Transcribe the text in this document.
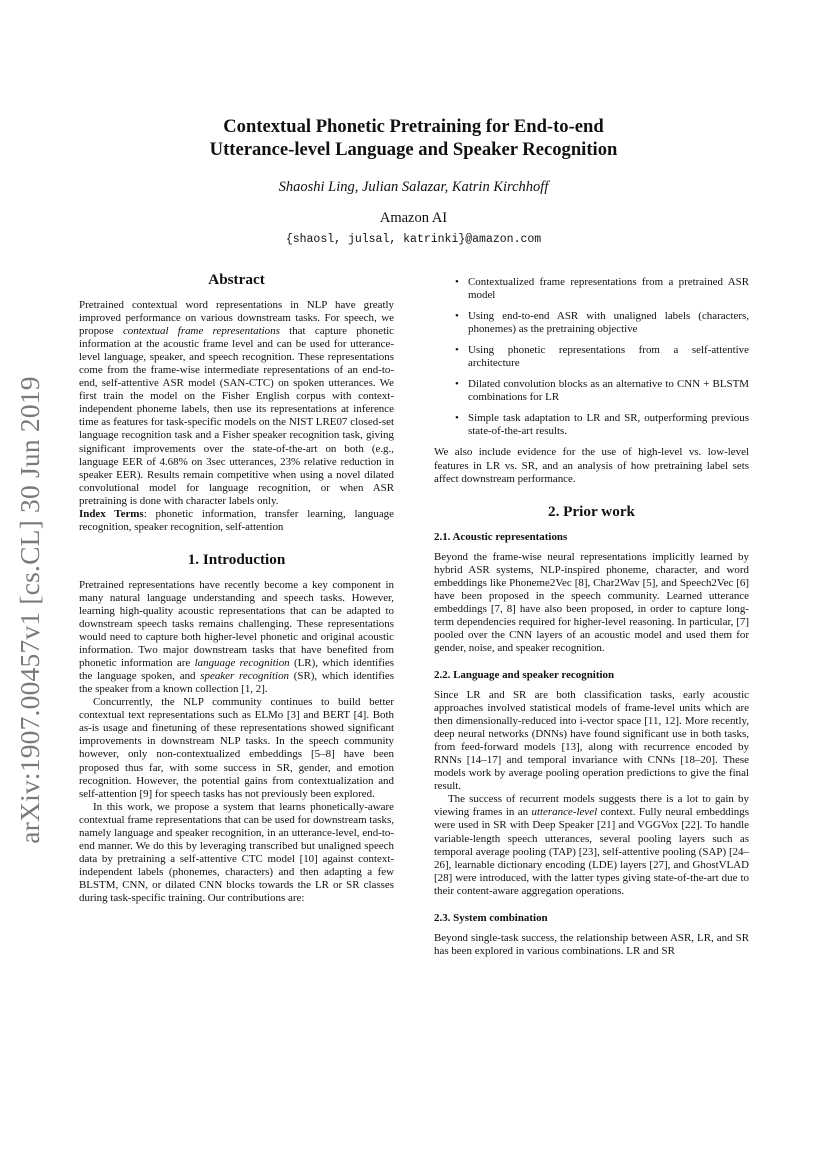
arXiv:1907.00457v1 [cs.CL] 30 Jun 2019
Contextual Phonetic Pretraining for End-to-end
Utterance-level Language and Speaker Recognition
Shaoshi Ling, Julian Salazar, Katrin Kirchhoff
Amazon AI
{shaosl, julsal, katrinki}@amazon.com
Abstract

Pretrained contextual word representations in NLP have greatly improved performance on various downstream tasks. For speech, we propose contextual frame representations that capture phonetic information at the acoustic frame level and can be used for utterance-level language, speaker, and speech recognition. These representations come from the frame-wise intermediate representations of an end-to-end, self-attentive ASR model (SAN-CTC) on spoken utterances. We first train the model on the Fisher English corpus with context-independent phoneme labels, then use its representations at inference time as features for task-specific models on the NIST LRE07 closed-set language recognition task and a Fisher speaker recognition task, giving significant improvements over the state-of-the-art on both (e.g., language EER of 4.68% on 3sec utterances, 23% relative reduction in speaker EER). Results remain competitive when using a novel dilated convolutional model for language recognition, or when ASR pretraining is done with character labels only.

Index Terms: phonetic information, transfer learning, language recognition, speaker recognition, self-attention

1. Introduction

Pretrained representations have recently become a key component in many natural language understanding and speech tasks. However, learning high-quality acoustic representations that can be adapted to downstream speech tasks remains challenging. These representations would need to capture both higher-level phonetic and original acoustic information. Two major downstream tasks that have benefited from phonetic information are language recognition (LR), which identifies the language spoken, and speaker recognition (SR), which identifies the speaker from a known collection [1, 2].

Concurrently, the NLP community continues to build better contextual text representations such as ELMo [3] and BERT [4]. Both as-is usage and finetuning of these representations showed significant improvements in downstream NLP tasks. In the speech community however, only non-contextualized embeddings [5–8] have been proposed thus far, with some success in SR, gender, and emotion recognition. However, the potential gains from contextualization and self-attention [9] for speech tasks has not previously been explored.

In this work, we propose a system that learns phonetically-aware contextual frame representations that can be used for downstream tasks, namely language and speaker recognition, in an utterance-level, end-to-end manner. We do this by leveraging transcribed but unaligned speech data by pretraining a self-attentive CTC model [10] against context-independent labels (phonemes, characters) and then adapting a few BLSTM, CNN, or dilated CNN blocks towards the LR or SR classes during task-specific training. Our contributions are:

• Contextualized frame representations from a pretrained ASR model
• Using end-to-end ASR with unaligned labels (characters, phonemes) as the pretraining objective
• Using phonetic representations from a self-attentive architecture
• Dilated convolution blocks as an alternative to CNN + BLSTM combinations for LR
• Simple task adaptation to LR and SR, outperforming previous state-of-the-art results.

We also include evidence for the use of high-level vs. low-level features in LR vs. SR, and an analysis of how pretraining label sets affect downstream performance.

2. Prior work
2.1. Acoustic representations

Beyond the frame-wise neural representations implicitly learned by hybrid ASR systems, NLP-inspired phoneme, character, and word embeddings like Phoneme2Vec [8], Char2Wav [5], and Speech2Vec [6] have been proposed in the speech community. Learned utterance embeddings [7, 8] have also been proposed, in order to capture long-term dependencies required for higher-level reasoning. In particular, [7] pooled over the CNN layers of an acoustic model and used them for gender, noise, and speaker recognition.

2.2. Language and speaker recognition

Since LR and SR are both classification tasks, early acoustic approaches involved statistical models of frame-level units which are then dimensionally-reduced into i-vector space [11, 12]. More recently, deep neural networks (DNNs) have found significant use in both tasks, from feed-forward models [13], along with recurrence encoded by RNNs [14–17] and temporal invariance with CNNs [18–20]. These models work by average pooling operation predictions to give the final result.

The success of recurrent models suggests there is a lot to gain by viewing frames in an utterance-level context. Fully neural embeddings were used in SR with Deep Speaker [21] and VGGVox [22]. To handle variable-length speech utterances, several pooling layers such as temporal average pooling (TAP) [23], self-attentive pooling (SAP) [24–26], learnable dictionary encoding (LDE) layers [27], and GhostVLAD [28] were introduced, with the latter types giving state-of-the-art due to their content-aware aggregation operations.

2.3. System combination

Beyond single-task success, the relationship between ASR, LR, and SR has been explored in various combinations. LR and SR
